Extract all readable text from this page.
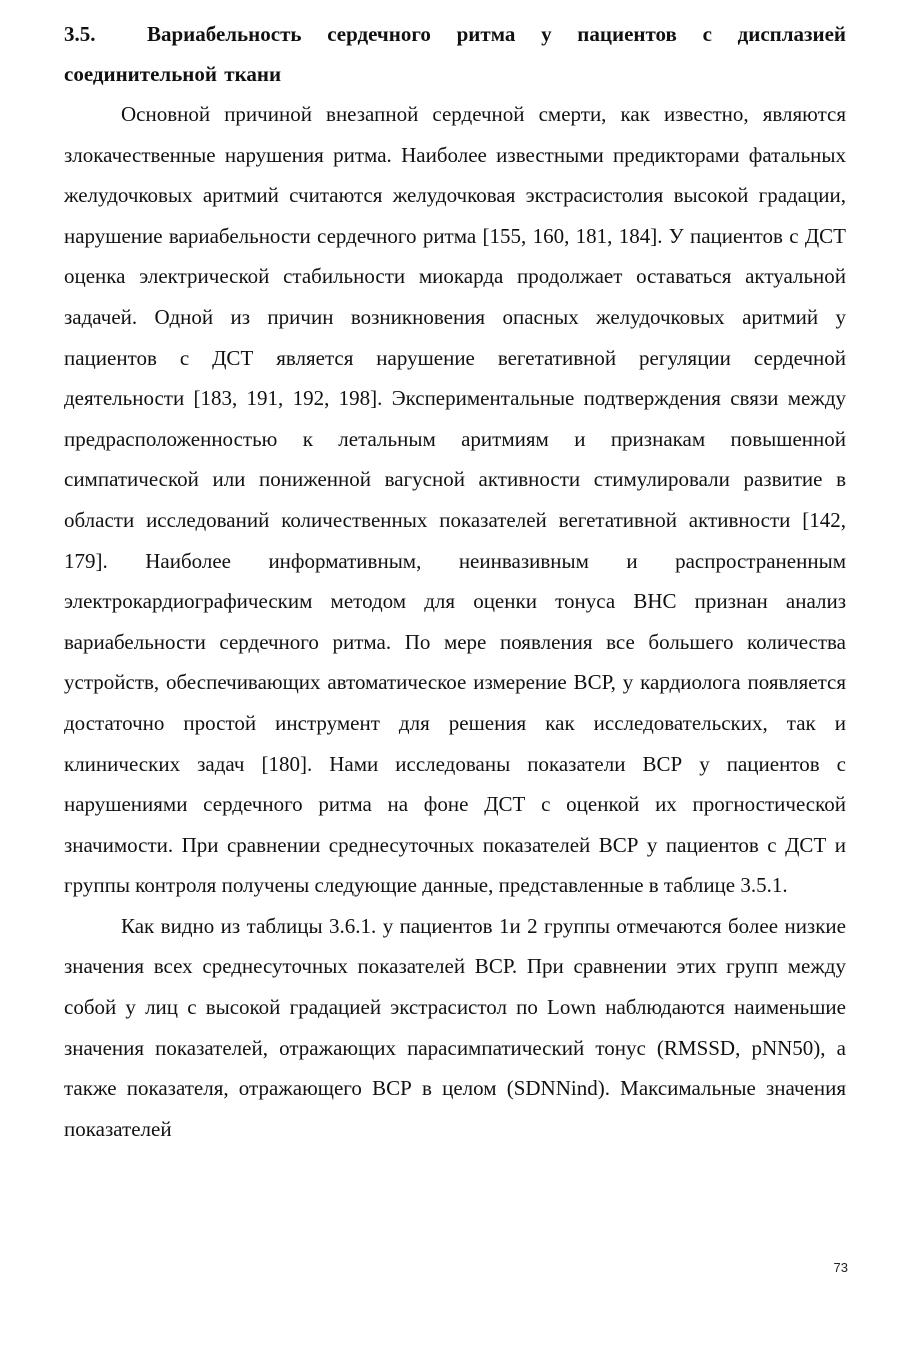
3.5. Вариабельность сердечного ритма у пациентов с дисплазией соединительной ткани

Основной причиной внезапной сердечной смерти, как известно, являются злокачественные нарушения ритма. Наиболее известными предикторами фатальных желудочковых аритмий считаются желудочковая экстрасистолия высокой градации, нарушение вариабельности сердечного ритма [155, 160, 181, 184]. У пациентов с ДСТ оценка электрической стабильности миокарда продолжает оставаться актуальной задачей. Одной из причин возникновения опасных желудочковых аритмий у пациентов с ДСТ является нарушение вегетативной регуляции сердечной деятельности [183, 191, 192, 198]. Экспериментальные подтверждения связи между предрасположенностью к летальным аритмиям и признакам повышенной симпатической или пониженной вагусной активности стимулировали развитие в области исследований количественных показателей вегетативной активности [142, 179]. Наиболее информативным, неинвазивным и распространенным электрокардиографическим методом для оценки тонуса ВНС признан анализ вариабельности сердечного ритма. По мере появления все большего количества устройств, обеспечивающих автоматическое измерение ВСР, у кардиолога появляется достаточно простой инструмент для решения как исследовательских, так и клинических задач [180]. Нами исследованы показатели ВСР у пациентов с нарушениями сердечного ритма на фоне ДСТ с оценкой их прогностической значимости. При сравнении среднесуточных показателей ВСР у пациентов с ДСТ и группы контроля получены следующие данные, представленные в таблице 3.5.1.

Как видно из таблицы 3.6.1. у пациентов 1и 2 группы отмечаются более низкие значения всех среднесуточных показателей ВСР. При сравнении этих групп между собой у лиц с высокой градацией экстрасистол по Lown наблюдаются наименьшие значения показателей, отражающих парасимпатический тонус (RMSSD, pNN50), а также показателя, отражающего ВСР в целом (SDNNind). Максимальные значения показателей

73
